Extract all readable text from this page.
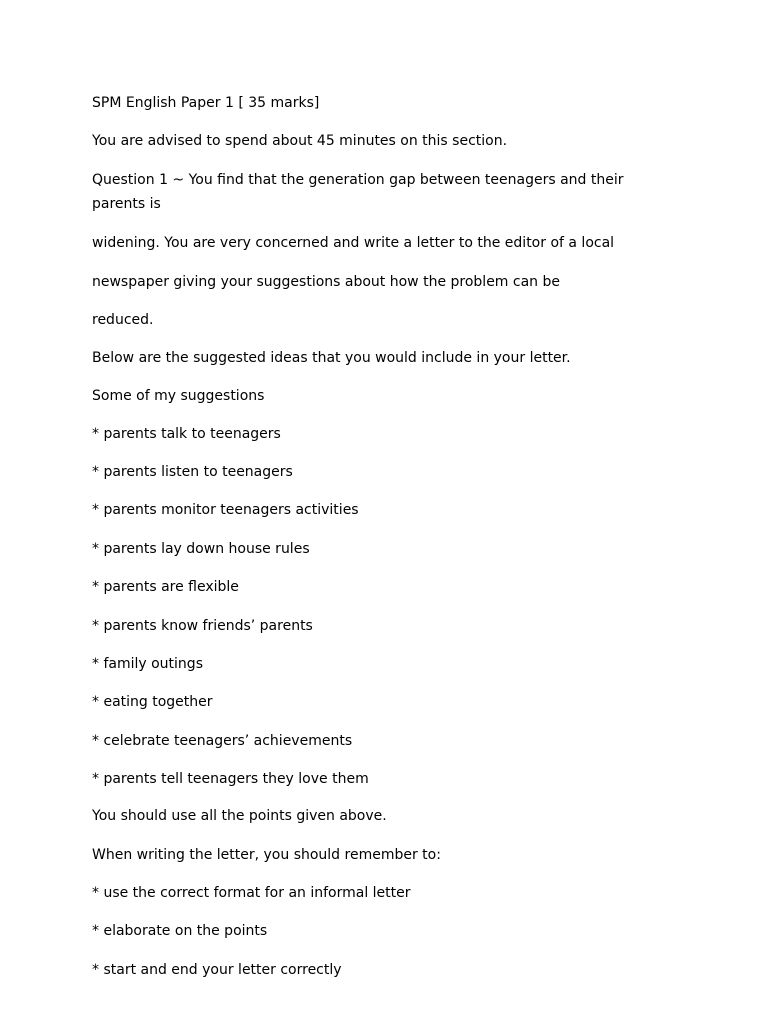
SPM English Paper 1 [ 35 marks]
You are advised to spend about 45 minutes on this section.
Question 1 ~ You find that the generation gap between teenagers and their parents is
widening. You are very concerned and write a letter to the editor of a local
newspaper giving your suggestions about how the problem can be
reduced.
Below are the suggested ideas that you would include in your letter.
Some of my suggestions
* parents talk to teenagers
* parents listen to teenagers
* parents monitor teenagers activities
* parents lay down house rules
* parents are flexible
* parents know friends’ parents
* family outings
* eating together
* celebrate teenagers’ achievements
* parents tell teenagers they love them
You should use all the points given above.
When writing the letter, you should remember to:
* use the correct format for an informal letter
* elaborate on the points
* start and end your letter correctly
